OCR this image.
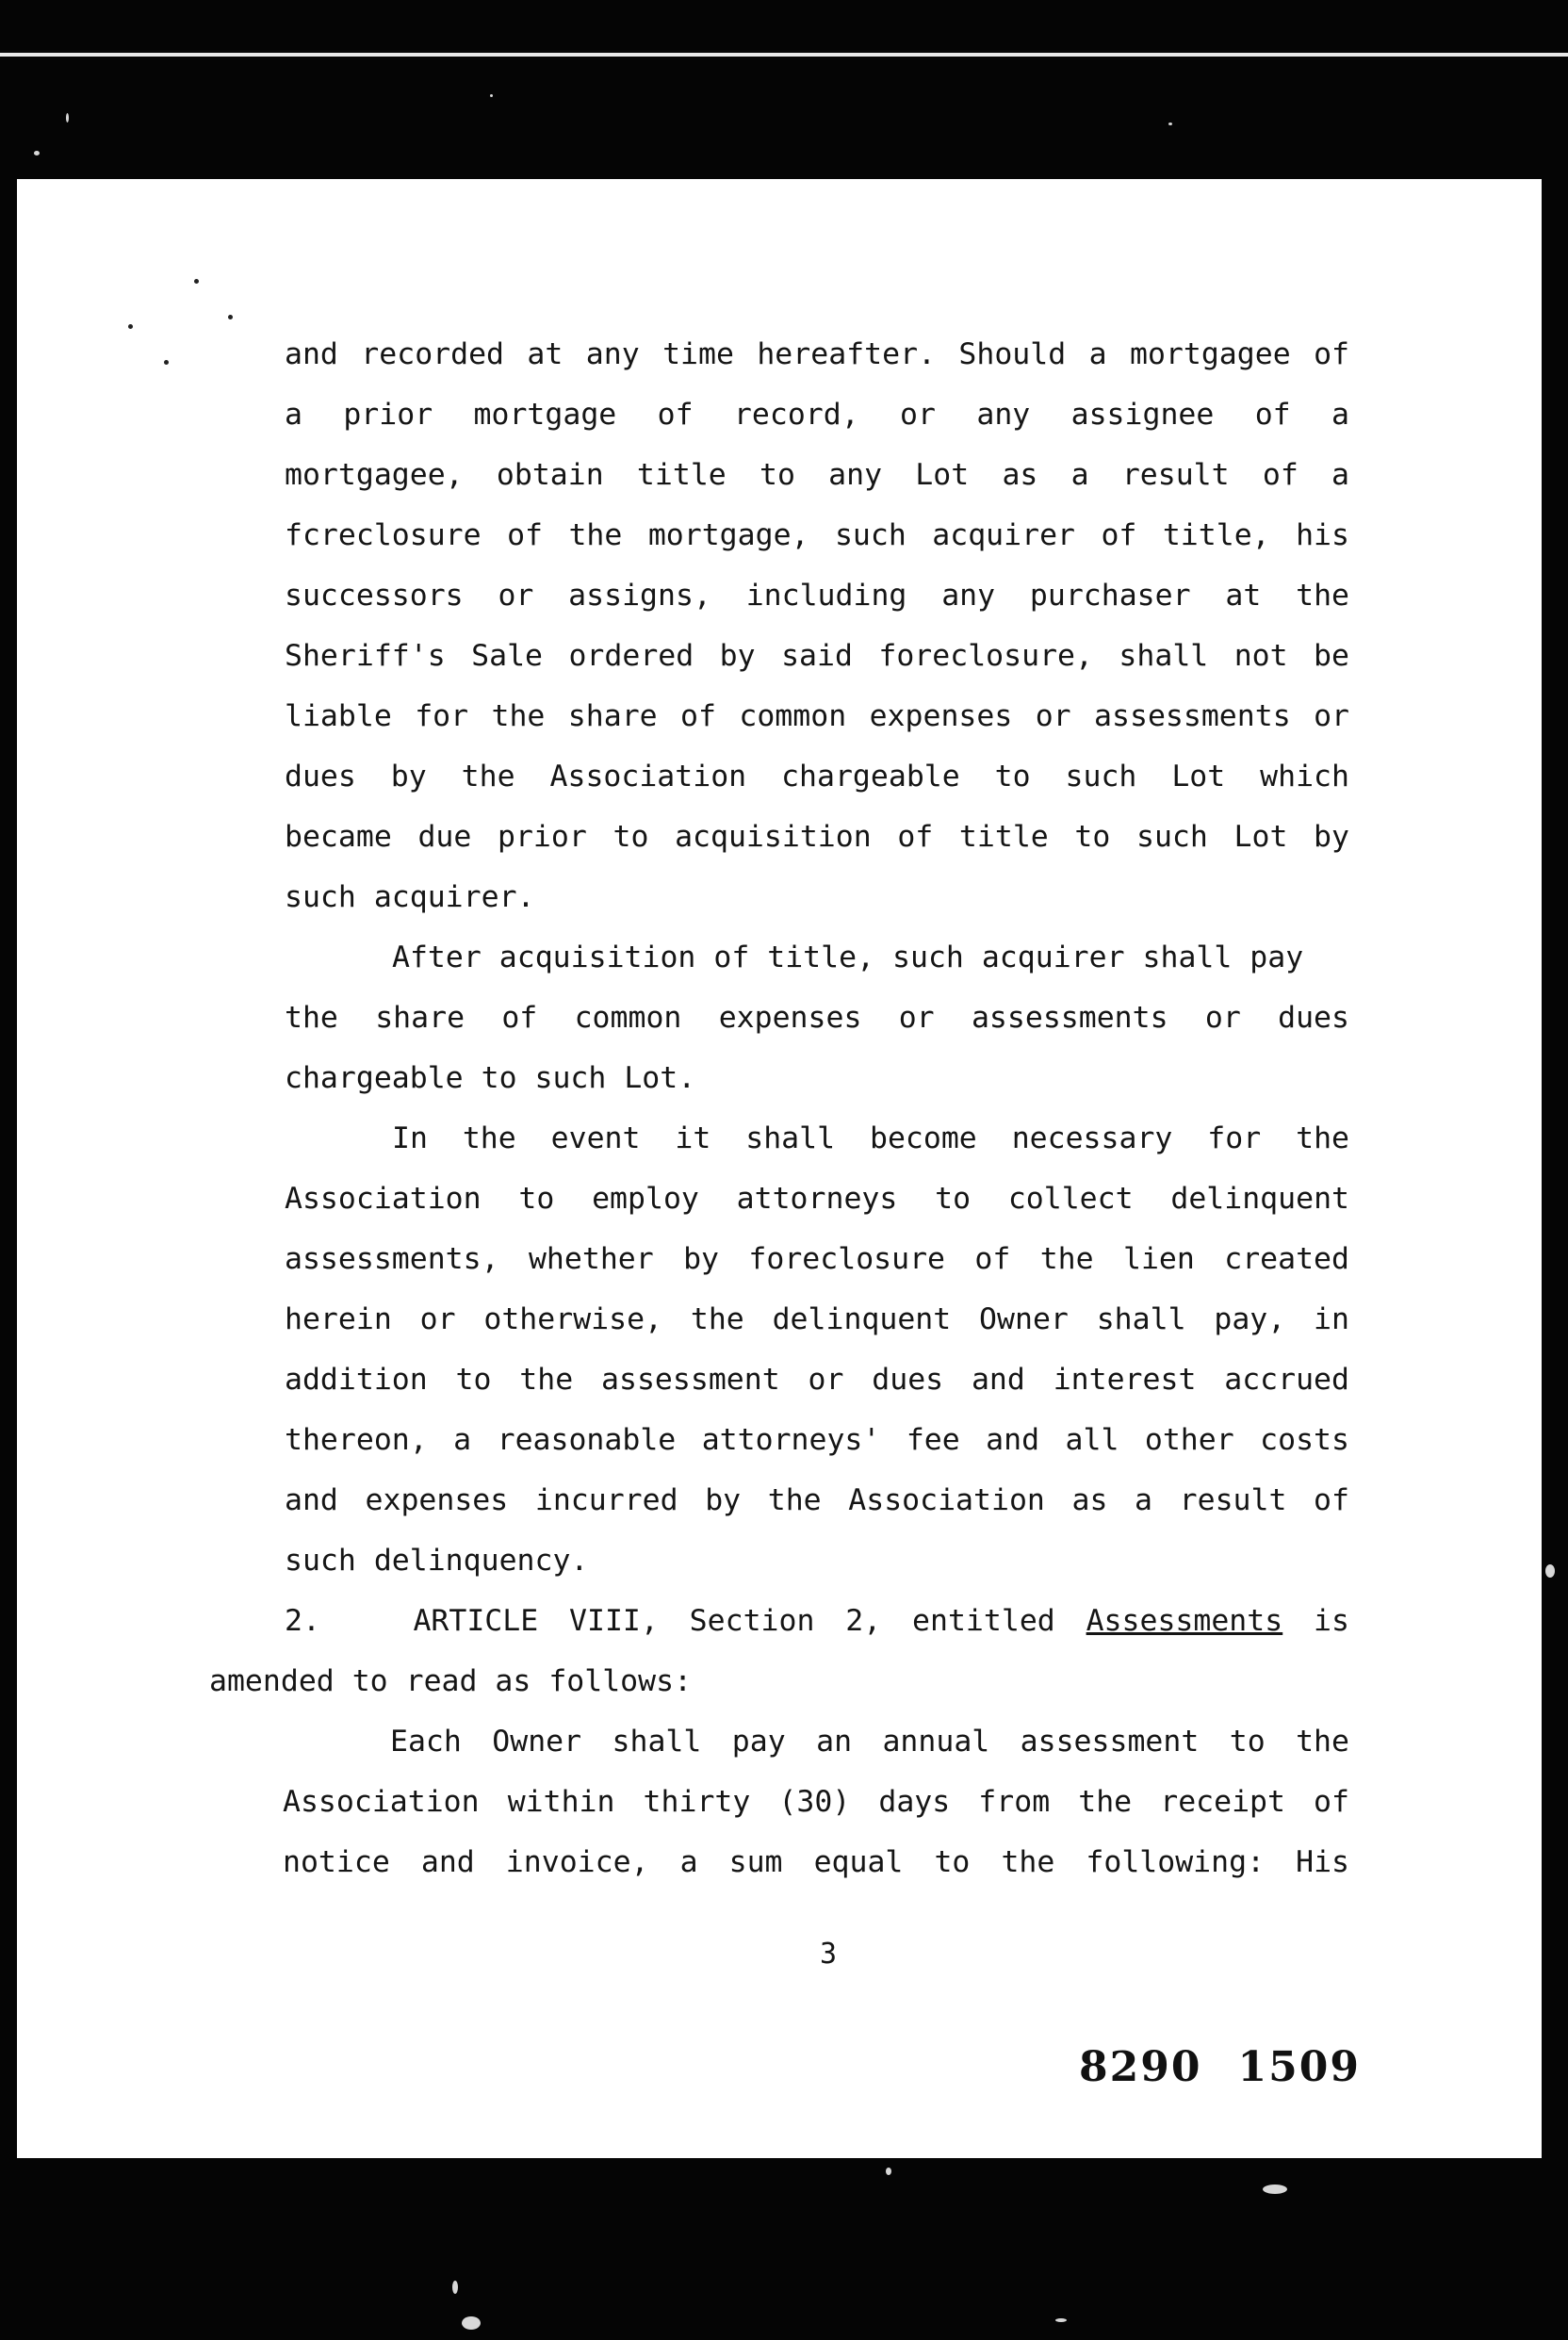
and recorded at any time hereafter. Should a mortgagee of
a prior mortgage of record, or any assignee of a
mortgagee, obtain title to any Lot as a result of a
fcreclosure of the mortgage, such acquirer of title, his
successors or assigns, including any purchaser at the
Sheriff's Sale ordered by said foreclosure, shall not be
liable for the share of common expenses or assessments or
dues by the Association chargeable to such Lot which
became due prior to acquisition of title to such Lot by
such acquirer.
After acquisition of title, such acquirer shall pay
the share of common expenses or assessments or dues
chargeable to such Lot.
In the event it shall become necessary for the
Association to employ attorneys to collect delinquent
assessments, whether by foreclosure of the lien created
herein or otherwise, the delinquent Owner shall pay, in
addition to the assessment or dues and interest accrued
thereon, a reasonable attorneys' fee and all other costs
and expenses incurred by the Association as a result of
such delinquency.
2.   ARTICLE VIII, Section 2, entitled Assessments is
amended to read as follows:
Each Owner shall pay an annual assessment to the
Association within thirty (30) days from the receipt of
notice and invoice, a sum equal to the following: His
3
8290 1509
